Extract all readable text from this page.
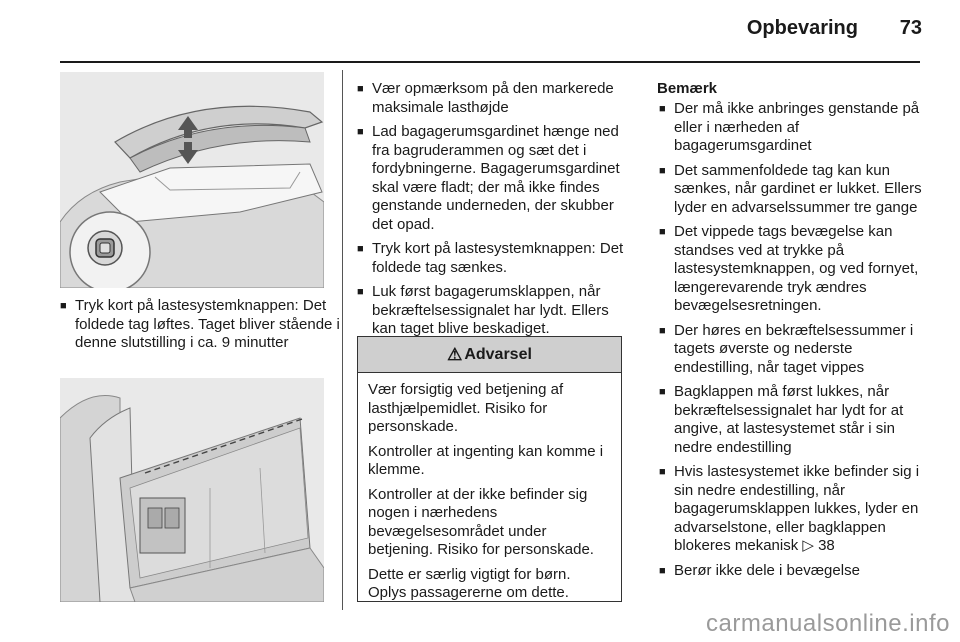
Opbevaring 73
■ Tryk kort på lastesystemknappen: Det foldede tag løftes. Taget bliver stående i denne slutstilling i ca. 9 minutter
■ Vær opmærksom på den markerede maksimale lasthøjde
■ Lad bagagerumsgardinet hænge ned fra bagruderammen og sæt det i fordybningerne. Bagagerumsgardinet skal være fladt; der må ikke findes genstande underneden, der skubber det opad.
■ Tryk kort på lastesystemknappen: Det foldede tag sænkes.
■ Luk først bagagerumsklappen, når bekræftelsessignalet har lydt. Ellers kan taget blive beskadiget.
⚠ Advarsel

Vær forsigtig ved betjening af lasthjælpemidlet. Risiko for personskade.

Kontroller at ingenting kan komme i klemme.

Kontroller at der ikke befinder sig nogen i nærhedens bevægelsesområdet under betjening. Risiko for personskade.

Dette er særlig vigtigt for børn. Oplys passagererne om dette.

Bemærk
■ Der må ikke anbringes genstande på eller i nærheden af bagagerumsgardinet
■ Det sammenfoldede tag kan kun sænkes, når gardinet er lukket. Ellers lyder en advarselssummer tre gange
■ Det vippede tags bevægelse kan standses ved at trykke på lastesystemknappen, og ved fornyet, længerevarende tryk ændres bevægelsesretningen.
■ Der høres en bekræftelsessummer i tagets øverste og nederste endestilling, når taget vippes
■ Bagklappen må først lukkes, når bekræftelsessignalet har lydt for at angive, at lastesystemet står i sin nedre endestilling
■ Hvis lastesystemet ikke befinder sig i sin nedre endestilling, når bagagerumsklappen lukkes, lyder en advarselstone, eller bagklappen blokeres mekanisk ▷ 38
■ Berør ikke dele i bevægelse
carmanualsonline.info
